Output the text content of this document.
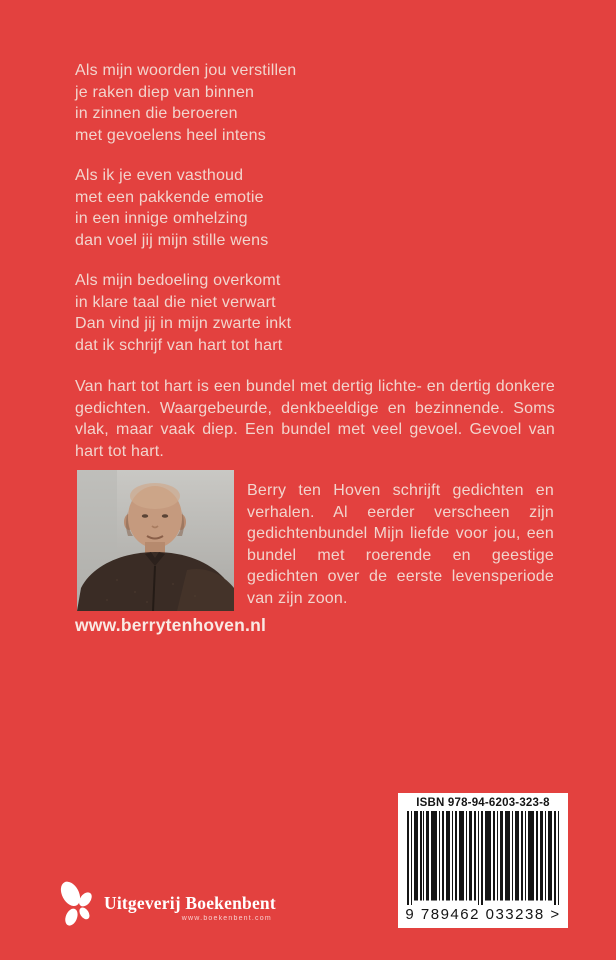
Als mijn woorden jou verstillen
je raken diep van binnen
in zinnen die beroeren
met gevoelens heel intens
Als ik je even vasthoud
met een pakkende emotie
in een innige omhelzing
dan voel jij mijn stille wens
Als mijn bedoeling overkomt
in klare taal die niet verwart
Dan vind jij in mijn zwarte inkt
dat ik schrijf van hart tot hart
Van hart tot hart is een bundel met dertig lichte- en dertig donkere gedichten. Waargebeurde, denkbeeldige en bezinnende. Soms vlak, maar vaak diep. Een bundel met veel gevoel. Gevoel van hart tot hart.
Berry ten Hoven schrijft gedichten en verhalen. Al eerder verscheen zijn gedichtenbundel Mijn liefde voor jou, een bundel met roerende en geestige gedichten over de eerste levensperiode van zijn zoon.
www.berrytenhoven.nl
ISBN 978-94-6203-323-8
9 789462 033238 >
Uitgeverij Boekenbent
www.boekenbent.com
